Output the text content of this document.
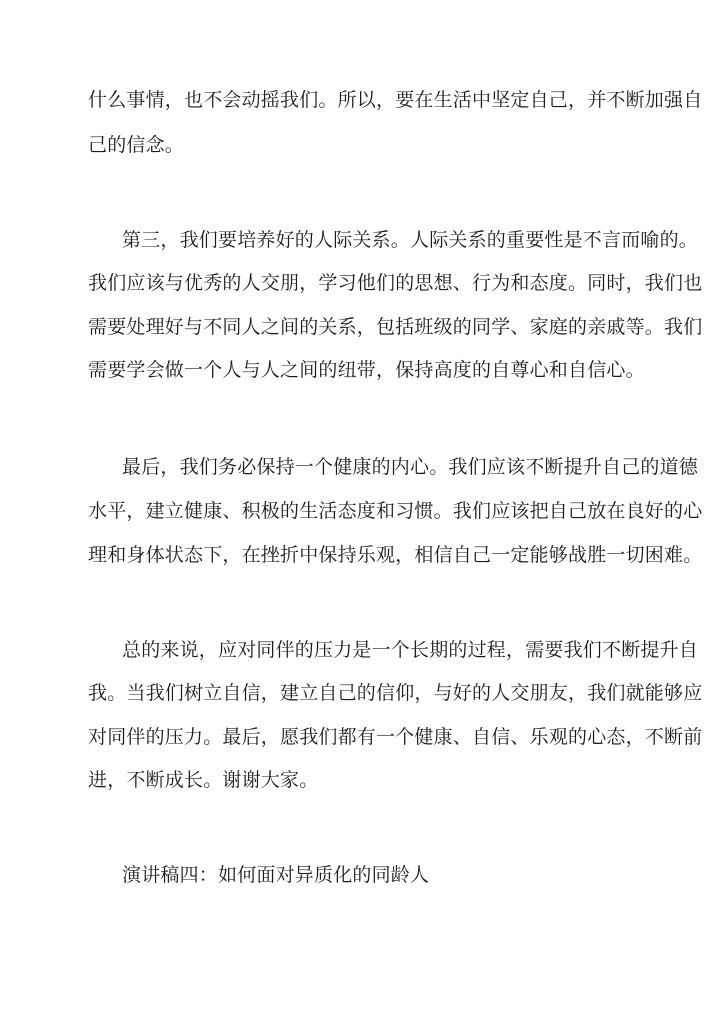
什么事情，也不会动摇我们。所以，要在生活中坚定自己，并不断加强自
己的信念。
第三，我们要培养好的人际关系。人际关系的重要性是不言而喻的。
我们应该与优秀的人交朋，学习他们的思想、行为和态度。同时，我们也
需要处理好与不同人之间的关系，包括班级的同学、家庭的亲戚等。我们
需要学会做一个人与人之间的纽带，保持高度的自尊心和自信心。
最后，我们务必保持一个健康的内心。我们应该不断提升自己的道德
水平，建立健康、积极的生活态度和习惯。我们应该把自己放在良好的心
理和身体状态下，在挫折中保持乐观，相信自己一定能够战胜一切困难。
总的来说，应对同伴的压力是一个长期的过程，需要我们不断提升自
我。当我们树立自信，建立自己的信仰，与好的人交朋友，我们就能够应
对同伴的压力。最后，愿我们都有一个健康、自信、乐观的心态，不断前
进，不断成长。谢谢大家。
演讲稿四：如何面对异质化的同龄人
